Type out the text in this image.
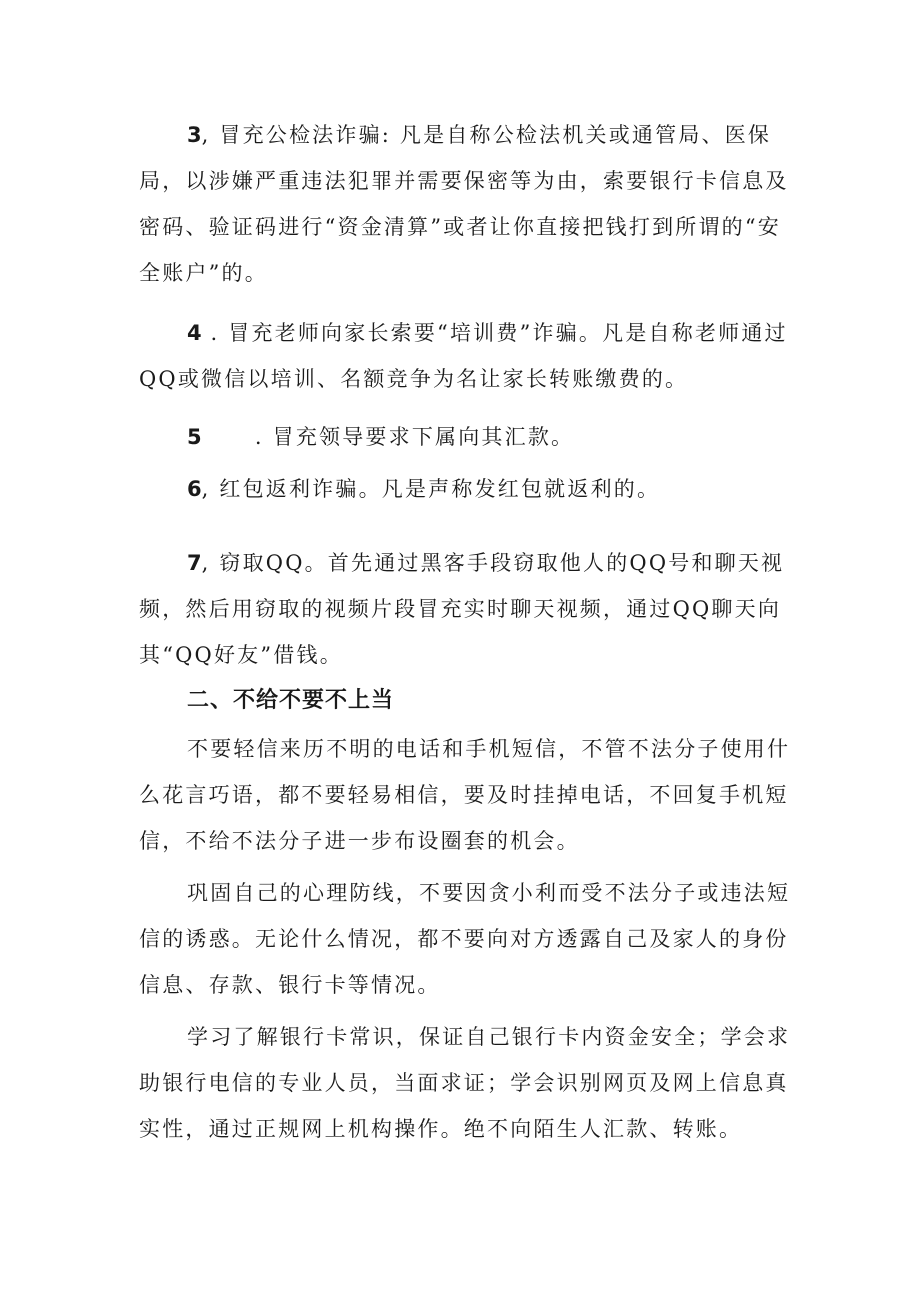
3, 冒充公检法诈骗: 凡是自称公检法机关或通管局、医保局，以涉嫌严重违法犯罪并需要保密等为由，索要银行卡信息及密码、验证码进行“资金清算”或者让你直接把钱打到所谓的“安全账户”的。

4 . 冒充老师向家长索要“培训费”诈骗。凡是自称老师通过QQ或微信以培训、名额竞争为名让家长转账缴费的。

5      . 冒充领导要求下属向其汇款。

6, 红包返利诈骗。凡是声称发红包就返利的。

7, 窃取QQ。首先通过黑客手段窃取他人的QQ号和聊天视频，然后用窃取的视频片段冒充实时聊天视频，通过QQ聊天向其“QQ好友”借钱。

二、不给不要不上当

不要轻信来历不明的电话和手机短信，不管不法分子使用什么花言巧语，都不要轻易相信，要及时挂掉电话，不回复手机短信，不给不法分子进一步布设圈套的机会。

巩固自己的心理防线，不要因贪小利而受不法分子或违法短信的诱惑。无论什么情况，都不要向对方透露自己及家人的身份信息、存款、银行卡等情况。

学习了解银行卡常识，保证自己银行卡内资金安全；学会求助银行电信的专业人员，当面求证；学会识别网页及网上信息真实性，通过正规网上机构操作。绝不向陌生人汇款、转账。
